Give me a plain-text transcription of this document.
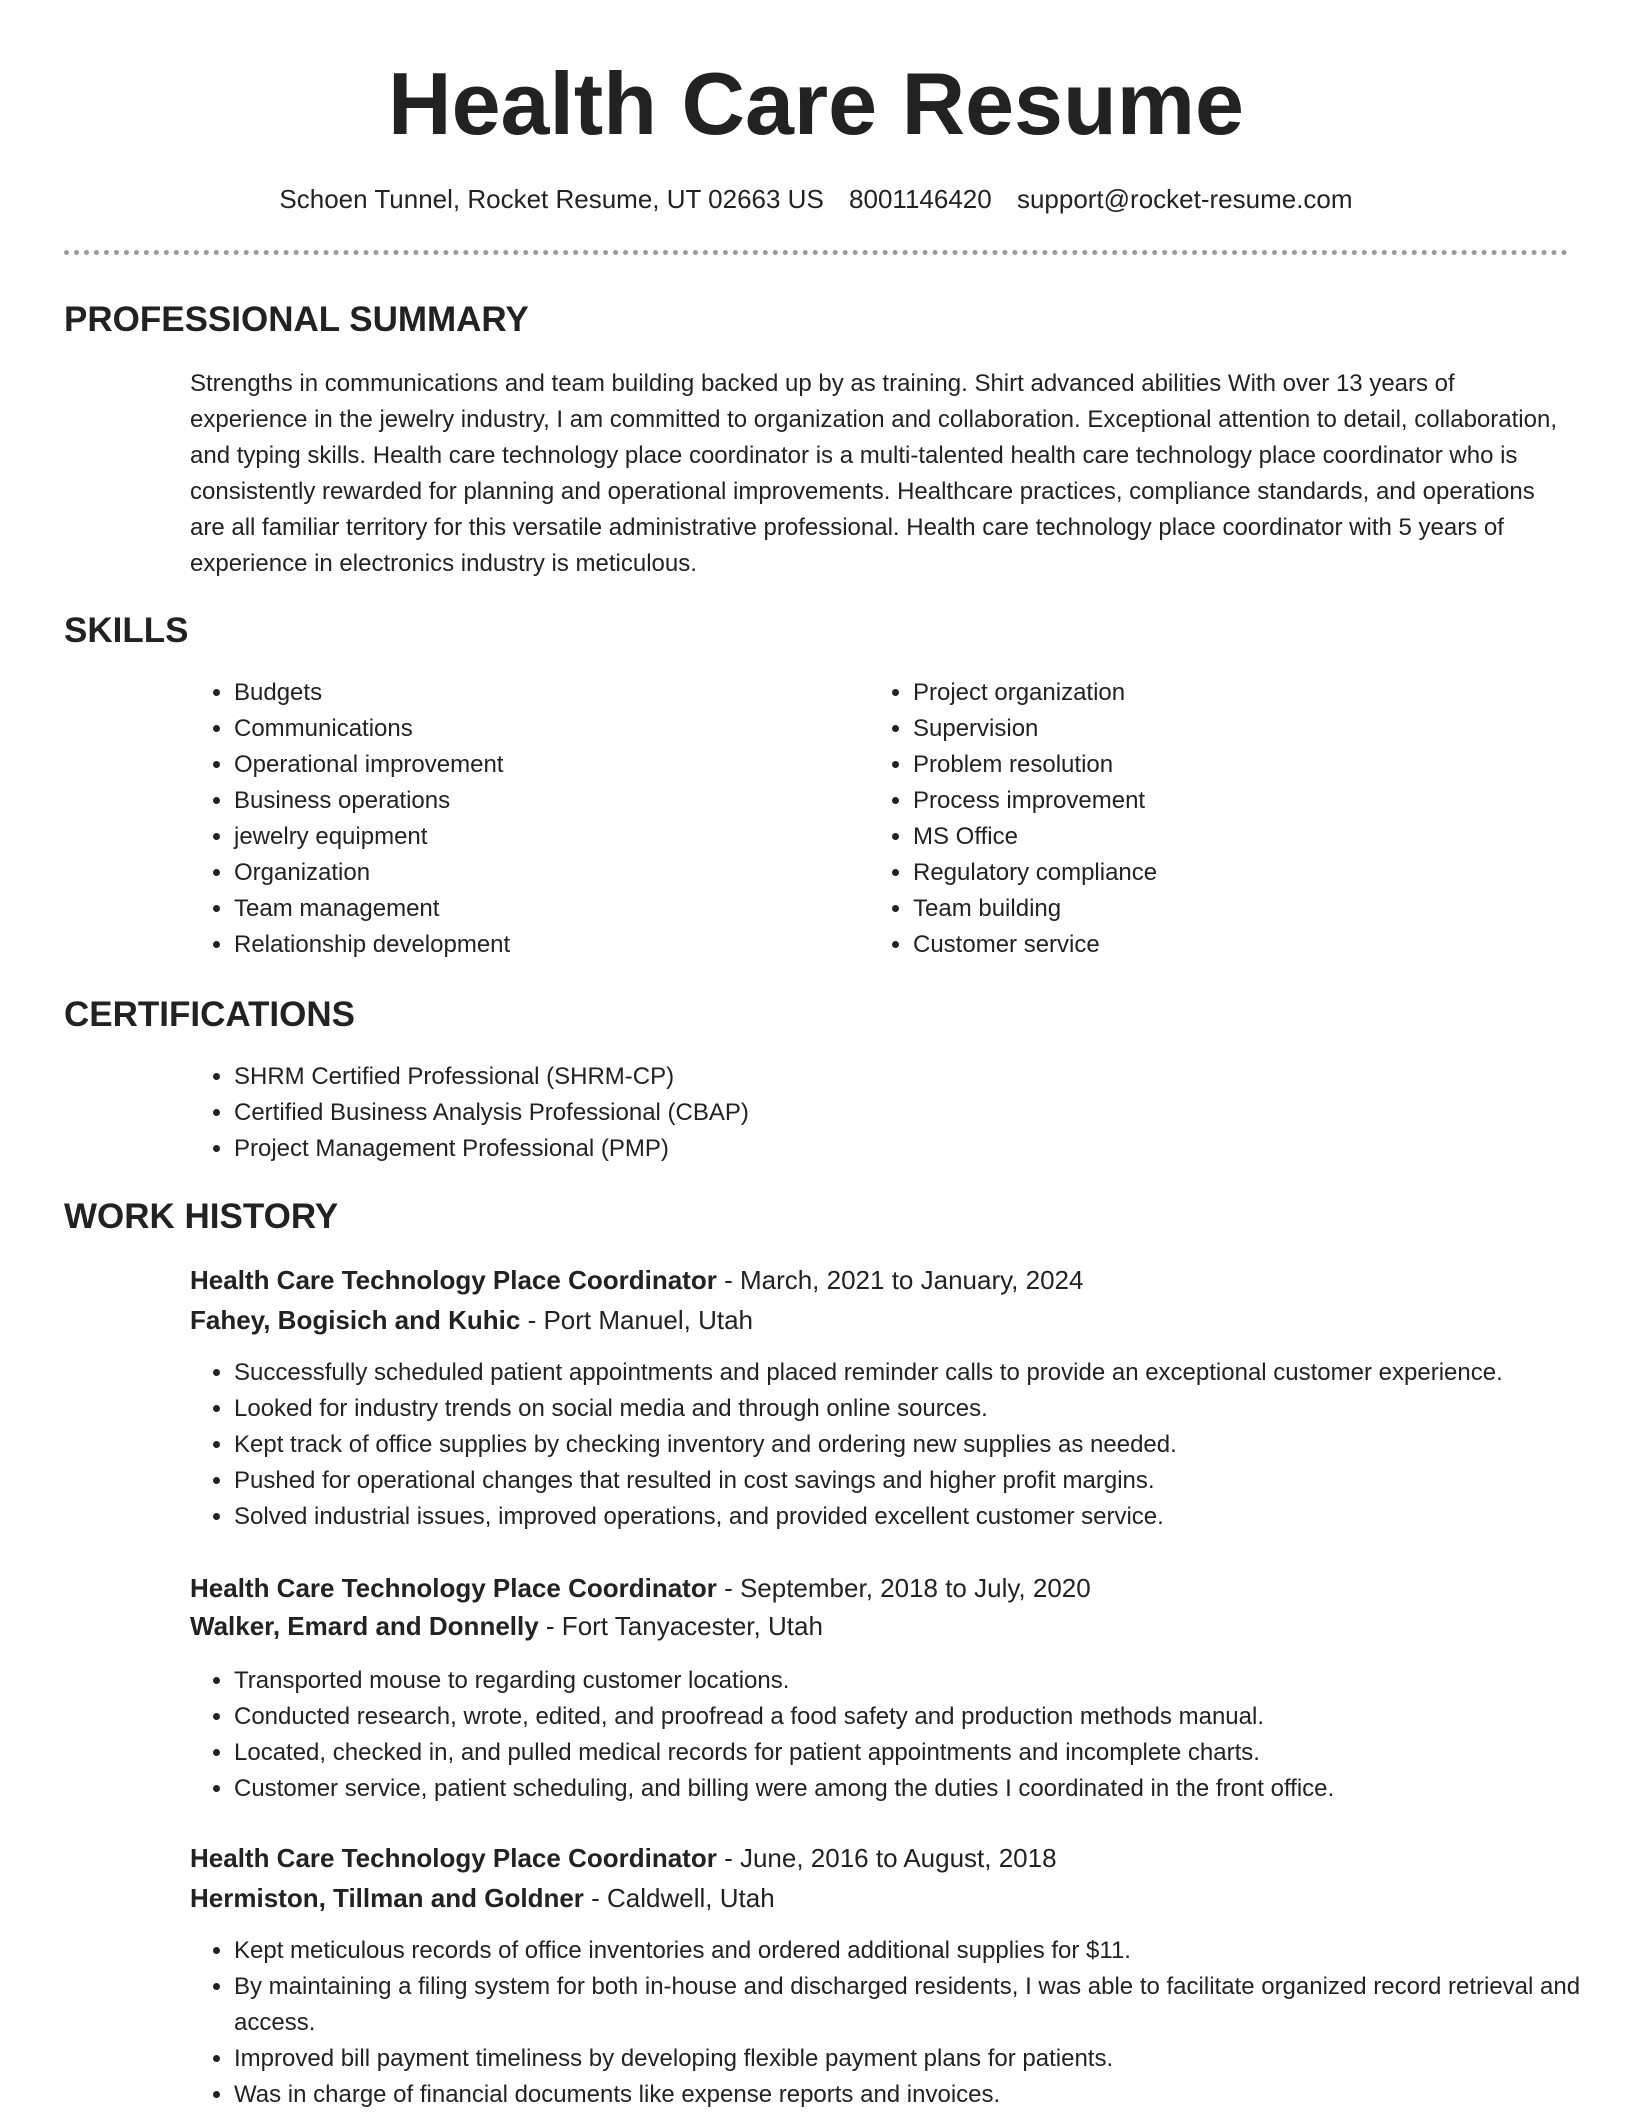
Health Care Resume
Schoen Tunnel, Rocket Resume, UT 02663 US 8001146420 support@rocket-resume.com
PROFESSIONAL SUMMARY

Strengths in communications and team building backed up by as training. Shirt advanced abilities With over 13 years of experience in the jewelry industry, I am committed to organization and collaboration. Exceptional attention to detail, collaboration, and typing skills. Health care technology place coordinator is a multi-talented health care technology place coordinator who is consistently rewarded for planning and operational improvements. Healthcare practices, compliance standards, and operations are all familiar territory for this versatile administrative professional. Health care technology place coordinator with 5 years of experience in electronics industry is meticulous.

SKILLS
• Budgets
• Communications
• Operational improvement
• Business operations
• jewelry equipment
• Organization
• Team management
• Relationship development
• Project organization
• Supervision
• Problem resolution
• Process improvement
• MS Office
• Regulatory compliance
• Team building
• Customer service
CERTIFICATIONS
• SHRM Certified Professional (SHRM-CP)
• Certified Business Analysis Professional (CBAP)
• Project Management Professional (PMP)
WORK HISTORY
Health Care Technology Place Coordinator - March, 2021 to January, 2024
Fahey, Bogisich and Kuhic - Port Manuel, Utah
• Successfully scheduled patient appointments and placed reminder calls to provide an exceptional customer experience.
• Looked for industry trends on social media and through online sources.
• Kept track of office supplies by checking inventory and ordering new supplies as needed.
• Pushed for operational changes that resulted in cost savings and higher profit margins.
• Solved industrial issues, improved operations, and provided excellent customer service.
Health Care Technology Place Coordinator - September, 2018 to July, 2020
Walker, Emard and Donnelly - Fort Tanyacester, Utah
• Transported mouse to regarding customer locations.
• Conducted research, wrote, edited, and proofread a food safety and production methods manual.
• Located, checked in, and pulled medical records for patient appointments and incomplete charts.
• Customer service, patient scheduling, and billing were among the duties I coordinated in the front office.
Health Care Technology Place Coordinator - June, 2016 to August, 2018
Hermiston, Tillman and Goldner - Caldwell, Utah
• Kept meticulous records of office inventories and ordered additional supplies for $11.
• By maintaining a filing system for both in-house and discharged residents, I was able to facilitate organized record retrieval and access.
• Improved bill payment timeliness by developing flexible payment plans for patients.
• Was in charge of financial documents like expense reports and invoices.
